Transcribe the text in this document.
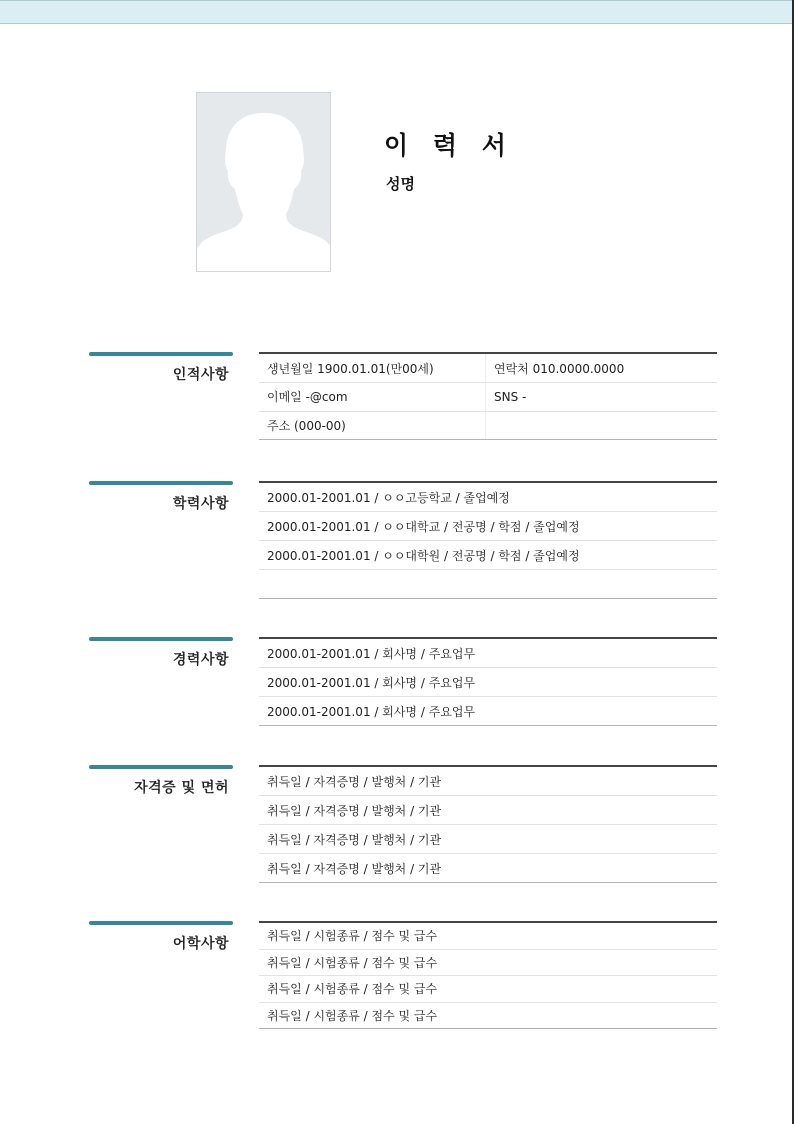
이 력 서
성명
인적사항	생년월일 1900.01.01(만00세)	연락처 010.0000.0000
이메일 -@com	SNS -
주소 (000-00)
학력사항	2000.01-2001.01 / ㅇㅇ고등학교 / 졸업예정
2000.01-2001.01 / ㅇㅇ대학교 / 전공명 / 학점 / 졸업예정
2000.01-2001.01 / ㅇㅇ대학원 / 전공명 / 학점 / 졸업예정
경력사항	2000.01-2001.01 / 회사명 / 주요업무
2000.01-2001.01 / 회사명 / 주요업무
2000.01-2001.01 / 회사명 / 주요업무
자격증 및 면허	취득일 / 자격증명 / 발행처 / 기관
취득일 / 자격증명 / 발행처 / 기관
취득일 / 자격증명 / 발행처 / 기관
취득일 / 자격증명 / 발행처 / 기관
어학사항	취득일 / 시험종류 / 점수 및 급수
취득일 / 시험종류 / 점수 및 급수
취득일 / 시험종류 / 점수 및 급수
취득일 / 시험종류 / 점수 및 급수
